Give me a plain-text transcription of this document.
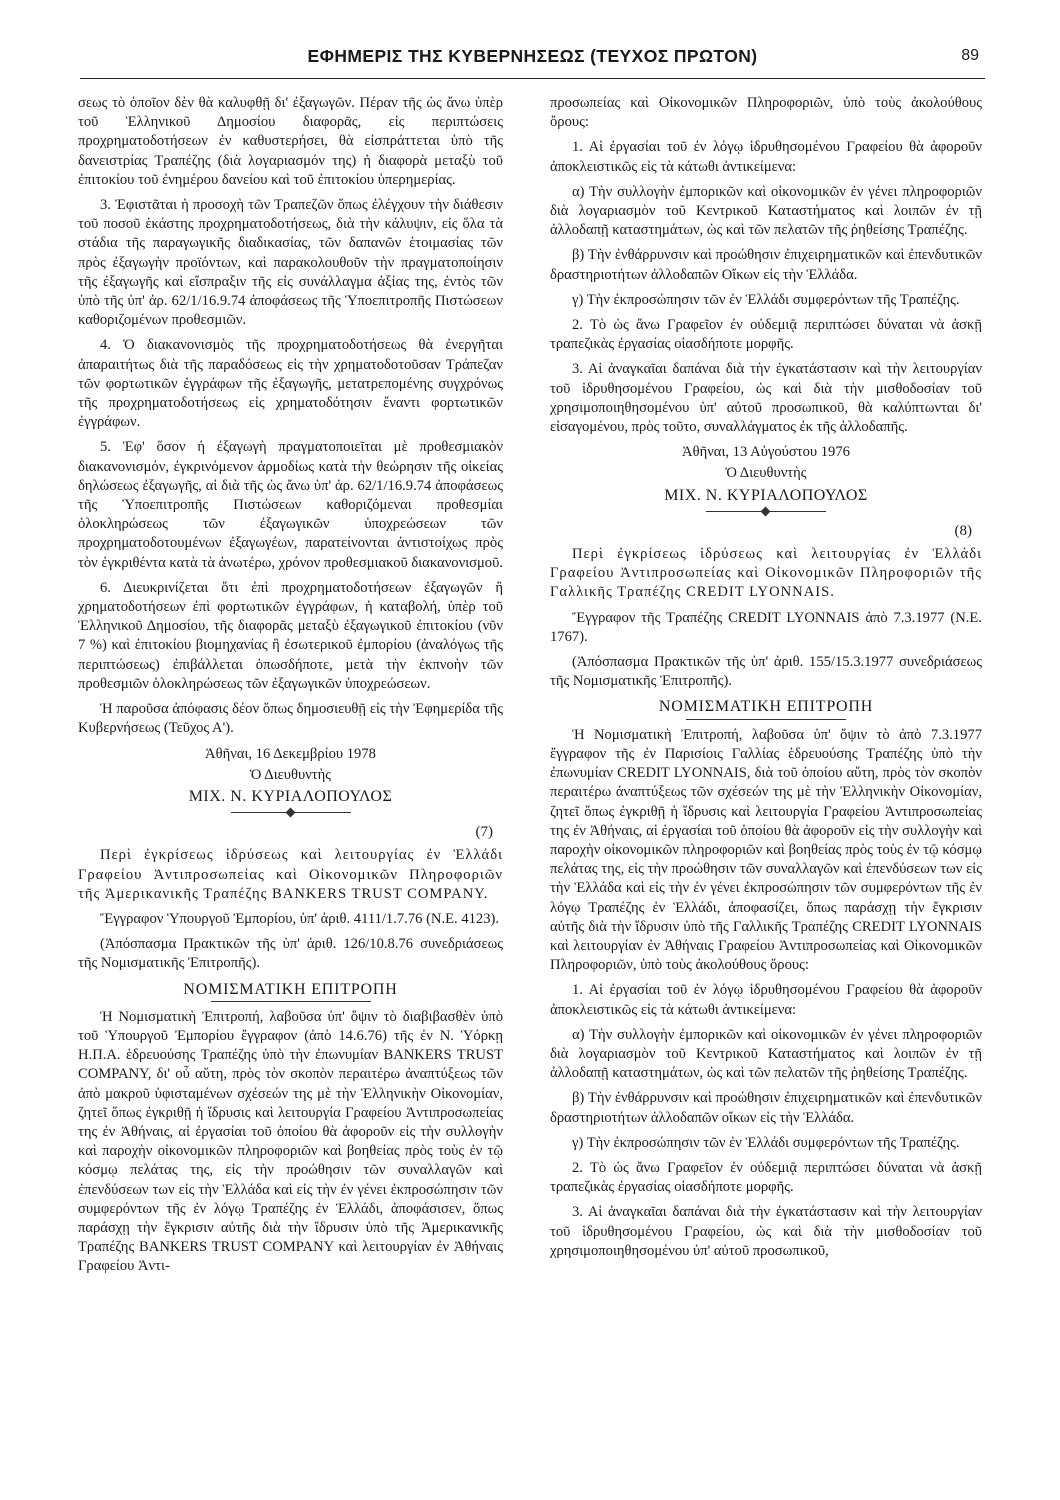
ΕΦΗΜΕΡΙΣ ΤΗΣ ΚΥΒΕΡΝΗΣΕΩΣ (ΤΕΥΧΟΣ ΠΡΩΤΟΝ)	89

σεως τὸ ὁποῖον δὲν θὰ καλυφθῇ δι' ἐξαγωγῶν. Πέραν τῆς ὡς ἄνω ὑπὲρ τοῦ Ἑλληνικοῦ Δημοσίου διαφορᾶς, εἰς περιπτώσεις προχρηματοδοτήσεων ἐν καθυστερήσει, θὰ εἰσπράττεται ὑπὸ τῆς δανειστρίας Τραπέζης (διὰ λογαριασμόν της) ἡ διαφορὰ μεταξὺ τοῦ ἐπιτοκίου τοῦ ἐνημέρου δανείου καὶ τοῦ ἐπιτοκίου ὑπερημερίας.

3. Ἐφιστᾶται ἡ προσοχὴ τῶν Τραπεζῶν ὅπως ἐλέγχουν τὴν διάθεσιν τοῦ ποσοῦ ἑκάστης προχρηματοδοτήσεως, διὰ τὴν κάλυψιν, εἰς ὅλα τὰ στάδια τῆς παραγωγικῆς διαδικασίας, τῶν δαπανῶν ἑτοιμασίας τῶν πρὸς ἐξαγωγὴν προϊόντων, καὶ παρακολουθοῦν τὴν πραγματοποίησιν τῆς ἐξαγωγῆς καὶ εἴσπραξιν τῆς εἰς συνάλλαγμα ἀξίας της, ἐντὸς τῶν ὑπὸ τῆς ὑπ' ἀρ. 62/1/16.9.74 ἀποφάσεως τῆς Ὑποεπιτροπῆς Πιστώσεων καθοριζομένων προθεσμιῶν.

4. Ὁ διακανονισμὸς τῆς προχρηματοδοτήσεως θὰ ἐνεργῆται ἀπαραιτήτως διὰ τῆς παραδόσεως εἰς τὴν χρηματοδοτοῦσαν Τράπεζαν τῶν φορτωτικῶν ἐγγράφων τῆς ἐξαγωγῆς, μετατρεπομένης συγχρόνως τῆς προχρηματοδοτήσεως εἰς χρηματοδότησιν ἔναντι φορτωτικῶν ἐγγράφων.

5. Ἐφ' ὅσον ἡ ἐξαγωγὴ πραγματοποιεῖται μὲ προθεσμιακὸν διακανονισμόν, ἐγκρινόμενον ἁρμοδίως κατὰ τὴν θεώρησιν τῆς οἰκείας δηλώσεως ἐξαγωγῆς, αἱ διὰ τῆς ὡς ἄνω ὑπ' ἀρ. 62/1/16.9.74 ἀποφάσεως τῆς Ὑποεπιτροπῆς Πιστώσεων καθοριζόμεναι προθεσμίαι ὁλοκληρώσεως τῶν ἐξαγωγικῶν ὑποχρεώσεων τῶν προχρηματοδοτουμένων ἐξαγωγέων, παρατείνονται ἀντιστοίχως πρὸς τὸν ἐγκριθέντα κατὰ τὰ ἀνωτέρω, χρόνον προθεσμιακοῦ διακανονισμοῦ.

6. Διευκρινίζεται ὅτι ἐπὶ προχρηματοδοτήσεων ἐξαγωγῶν ἢ χρηματοδοτήσεων ἐπὶ φορτωτικῶν ἐγγράφων, ἡ καταβολή, ὑπὲρ τοῦ Ἑλληνικοῦ Δημοσίου, τῆς διαφορᾶς μεταξὺ ἐξαγωγικοῦ ἐπιτοκίου (νῦν 7 %) καὶ ἐπιτοκίου βιομηχανίας ἢ ἐσωτερικοῦ ἐμπορίου (ἀναλόγως τῆς περιπτώσεως) ἐπιβάλλεται ὁπωσδήποτε, μετὰ τὴν ἐκπνοὴν τῶν προθεσμιῶν ὁλοκληρώσεως τῶν ἐξαγωγικῶν ὑποχρεώσεων.

Ἡ παροῦσα ἀπόφασις δέον ὅπως δημοσιευθῇ εἰς τὴν Ἐφημερίδα τῆς Κυβερνήσεως (Τεῦχος Α').

Ἀθῆναι, 16 Δεκεμβρίου 1978

Ὁ Διευθυντὴς

ΜΙΧ. Ν. ΚΥΡΙΑΛΟΠΟΥΛΟΣ

(7)

Περὶ ἐγκρίσεως ἱδρύσεως καὶ λειτουργίας ἐν Ἑλλάδι Γραφείου Ἀντιπροσωπείας καὶ Οἰκονομικῶν Πληροφοριῶν τῆς Ἀμερικανικῆς Τραπέζης BANKERS TRUST COMPANY.

Ἔγγραφον Ὑπουργοῦ Ἐμπορίου, ὑπ' ἀριθ. 4111/1.7.76 (Ν.Ε. 4123).

(Ἀπόσπασμα Πρακτικῶν τῆς ὑπ' ἀριθ. 126/10.8.76 συνεδριάσεως τῆς Νομισματικῆς Ἐπιτροπῆς).

ΝΟΜΙΣΜΑΤΙΚΗ ΕΠΙΤΡΟΠΗ

Ἡ Νομισματικὴ Ἐπιτροπή, λαβοῦσα ὑπ' ὄψιν τὸ διαβιβασθὲν ὑπὸ τοῦ Ὑπουργοῦ Ἐμπορίου ἔγγραφον (ἀπὸ 14.6.76) τῆς ἐν Ν. Ὑόρκῃ Η.Π.Α. ἑδρευούσης Τραπέζης ὑπὸ τὴν ἐπωνυμίαν BANKERS TRUST COMPANY, δι' οὗ αὕτη, πρὸς τὸν σκοπὸν περαιτέρω ἀναπτύξεως τῶν ἀπὸ μακροῦ ὑφισταμένων σχέσεών της μὲ τὴν Ἑλληνικὴν Οἰκονομίαν, ζητεῖ ὅπως ἐγκριθῇ ἡ ἵδρυσις καὶ λειτουργία Γραφείου Ἀντιπροσωπείας της ἐν Ἀθήναις, αἱ ἐργασίαι τοῦ ὁποίου θὰ ἀφοροῦν εἰς τὴν συλλογὴν καὶ παροχὴν οἰκονομικῶν πληροφοριῶν καὶ βοηθείας πρὸς τοὺς ἐν τῷ κόσμῳ πελάτας της, εἰς τὴν προώθησιν τῶν συναλλαγῶν καὶ ἐπενδύσεων των εἰς τὴν Ἑλλάδα καὶ εἰς τὴν ἐν γένει ἐκπροσώπησιν τῶν συμφερόντων τῆς ἐν λόγῳ Τραπέζης ἐν Ἑλλάδι, ἀποφάσισεν, ὅπως παράσχῃ τὴν ἔγκρισιν αὐτῆς διὰ τὴν ἵδρυσιν ὑπὸ τῆς Ἀμερικανικῆς Τραπέζης BANKERS TRUST COMPANY καὶ λειτουργίαν ἐν Ἀθήναις Γραφείου Ἀντι-

προσωπείας καὶ Οἰκονομικῶν Πληροφοριῶν, ὑπὸ τοὺς ἀκολούθους ὅρους:

1. Αἱ ἐργασίαι τοῦ ἐν λόγῳ ἱδρυθησομένου Γραφείου θὰ ἀφοροῦν ἀποκλειστικῶς εἰς τὰ κάτωθι ἀντικείμενα:

α) Τὴν συλλογὴν ἐμπορικῶν καὶ οἰκονομικῶν ἐν γένει πληροφοριῶν διὰ λογαριασμὸν τοῦ Κεντρικοῦ Καταστήματος καὶ λοιπῶν ἐν τῇ ἀλλοδαπῇ καταστημάτων, ὡς καὶ τῶν πελατῶν τῆς ῥηθείσης Τραπέζης.

β) Τὴν ἐνθάρρυνσιν καὶ προώθησιν ἐπιχειρηματικῶν καὶ ἐπενδυτικῶν δραστηριοτήτων ἀλλοδαπῶν Οἴκων εἰς τὴν Ἑλλάδα.

γ) Τὴν ἐκπροσώπησιν τῶν ἐν Ἑλλάδι συμφερόντων τῆς Τραπέζης.

2. Τὸ ὡς ἄνω Γραφεῖον ἐν οὐδεμιᾷ περιπτώσει δύναται νὰ ἀσκῇ τραπεζικὰς ἐργασίας οἱασδήποτε μορφῆς.

3. Αἱ ἀναγκαῖαι δαπάναι διὰ τὴν ἐγκατάστασιν καὶ τὴν λειτουργίαν τοῦ ἱδρυθησομένου Γραφείου, ὡς καὶ διὰ τὴν μισθοδοσίαν τοῦ χρησιμοποιηθησομένου ὑπ' αὐτοῦ προσωπικοῦ, θὰ καλύπτωνται δι' εἰσαγομένου, πρὸς τοῦτο, συναλλάγματος ἐκ τῆς ἀλλοδαπῆς.

Ἀθῆναι, 13 Αὐγούστου 1976

Ὁ Διευθυντὴς

ΜΙΧ. Ν. ΚΥΡΙΑΛΟΠΟΥΛΟΣ

(8)

Περὶ ἐγκρίσεως ἱδρύσεως καὶ λειτουργίας ἐν Ἑλλάδι Γραφείου Ἀντιπροσωπείας καὶ Οἰκονομικῶν Πληροφοριῶν τῆς Γαλλικῆς Τραπέζης CREDIT LYONNAIS.

Ἔγγραφον τῆς Τραπέζης CREDIT LYONNAIS ἀπὸ 7.3.1977 (Ν.Ε. 1767).

(Ἀπόσπασμα Πρακτικῶν τῆς ὑπ' ἀριθ. 155/15.3.1977 συνεδριάσεως τῆς Νομισματικῆς Ἐπιτροπῆς).

ΝΟΜΙΣΜΑΤΙΚΗ ΕΠΙΤΡΟΠΗ

Ἡ Νομισματικὴ Ἐπιτροπή, λαβοῦσα ὑπ' ὄψιν τὸ ἀπὸ 7.3.1977 ἔγγραφον τῆς ἐν Παρισίοις Γαλλίας ἑδρευούσης Τραπέζης ὑπὸ τὴν ἐπωνυμίαν CREDIT LYONNAIS, διὰ τοῦ ὁποίου αὕτη, πρὸς τὸν σκοπὸν περαιτέρω ἀναπτύξεως τῶν σχέσεών της μὲ τὴν Ἑλληνικὴν Οἰκονομίαν, ζητεῖ ὅπως ἐγκριθῇ ἡ ἵδρυσις καὶ λειτουργία Γραφείου Ἀντιπροσωπείας της ἐν Ἀθήναις, αἱ ἐργασίαι τοῦ ὁποίου θὰ ἀφοροῦν εἰς τὴν συλλογὴν καὶ παροχὴν οἰκονομικῶν πληροφοριῶν καὶ βοηθείας πρὸς τοὺς ἐν τῷ κόσμῳ πελάτας της, εἰς τὴν προώθησιν τῶν συναλλαγῶν καὶ ἐπενδύσεων των εἰς τὴν Ἑλλάδα καὶ εἰς τὴν ἐν γένει ἐκπροσώπησιν τῶν συμφερόντων τῆς ἐν λόγῳ Τραπέζης ἐν Ἑλλάδι, ἀποφασίζει, ὅπως παράσχῃ τὴν ἔγκρισιν αὐτῆς διὰ τὴν ἵδρυσιν ὑπὸ τῆς Γαλλικῆς Τραπέζης CREDIT LYONNAIS καὶ λειτουργίαν ἐν Ἀθήναις Γραφείου Ἀντιπροσωπείας καὶ Οἰκονομικῶν Πληροφοριῶν, ὑπὸ τοὺς ἀκολούθους ὅρους:

1. Αἱ ἐργασίαι τοῦ ἐν λόγῳ ἱδρυθησομένου Γραφείου θὰ ἀφοροῦν ἀποκλειστικῶς εἰς τὰ κάτωθι ἀντικείμενα:

α) Τὴν συλλογὴν ἐμπορικῶν καὶ οἰκονομικῶν ἐν γένει πληροφοριῶν διὰ λογαριασμὸν τοῦ Κεντρικοῦ Καταστήματος καὶ λοιπῶν ἐν τῇ ἀλλοδαπῇ καταστημάτων, ὡς καὶ τῶν πελατῶν τῆς ῥηθείσης Τραπέζης.

β) Τὴν ἐνθάρρυνσιν καὶ προώθησιν ἐπιχειρηματικῶν καὶ ἐπενδυτικῶν δραστηριοτήτων ἀλλοδαπῶν οἴκων εἰς τὴν Ἑλλάδα.

γ) Τὴν ἐκπροσώπησιν τῶν ἐν Ἑλλάδι συμφερόντων τῆς Τραπέζης.

2. Τὸ ὡς ἄνω Γραφεῖον ἐν οὐδεμιᾷ περιπτώσει δύναται νὰ ἀσκῇ τραπεζικὰς ἐργασίας οἱασδήποτε μορφῆς.

3. Αἱ ἀναγκαῖαι δαπάναι διὰ τὴν ἐγκατάστασιν καὶ τὴν λειτουργίαν τοῦ ἱδρυθησομένου Γραφείου, ὡς καὶ διὰ τὴν μισθοδοσίαν τοῦ χρησιμοποιηθησομένου ὑπ' αὐτοῦ προσωπικοῦ,
